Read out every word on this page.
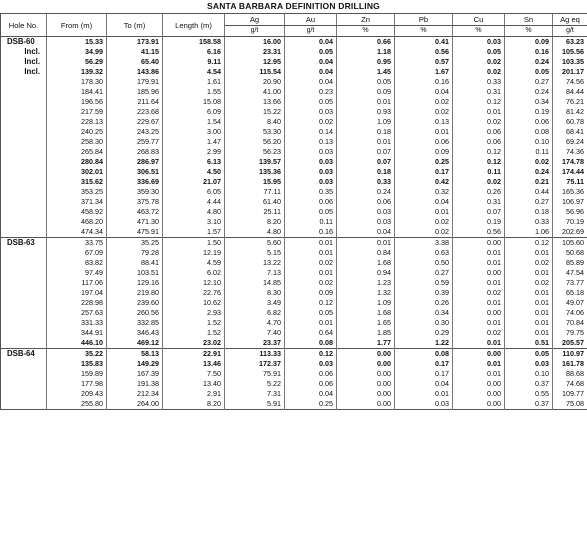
SANTA BARBARA DEFINITION DRILLING
Hole No.	From (m)	To (m)	Length (m)	Ag	Au	Zn	Pb	Cu	Sn	Ag eq
				g/t	g/t	%	%	%	%	g/t
DSB-60	15.33	173.91	158.58	16.00	0.04	0.66	0.41	0.03	0.09	63.23
Incl.	34.99	41.15	6.16	23.31	0.05	1.18	0.56	0.05	0.16	105.56
Incl.	56.29	65.40	9.11	12.95	0.04	0.95	0.57	0.02	0.24	103.35
Incl.	139.32	143.86	4.54	115.54	0.04	1.45	1.67	0.02	0.05	201.17
	178.30	179.91	1.61	20.90	0.04	0.05	0.16	0.33	0.27	74.56
	184.41	185.96	1.55	41.00	0.23	0.09	0.04	0.31	0.24	84.44
	196.56	211.64	15.08	13.66	0.05	0.01	0.02	0.12	0.34	76.21
	217.59	223.68	6.09	15.22	0.03	0.93	0.02	0.01	0.19	81.42
	228.13	229.67	1.54	8.40	0.02	1.09	0.13	0.02	0.06	60.78
	240.25	243.25	3.00	53.30	0.14	0.18	0.01	0.06	0.08	68.41
	258.30	259.77	1.47	56.20	0.13	0.01	0.06	0.06	0.10	69.24
	265.84	268.83	2.99	56.23	0.03	0.07	0.09	0.12	0.11	74.36
	280.84	286.97	6.13	139.57	0.03	0.07	0.25	0.12	0.02	174.78
	302.01	306.51	4.50	135.36	0.03	0.18	0.17	0.11	0.24	174.44
	315.62	336.69	21.07	15.95	0.03	0.33	0.42	0.02	0.21	75.11
	353.25	359.30	6.05	77.11	0.35	0.24	0.32	0.26	0.44	165.36
	371.34	375.78	4.44	61.40	0.06	0.06	0.04	0.31	0.27	106.97
	458.92	463.72	4.80	25.11	0.05	0.03	0.01	0.07	0.18	56.96
	468.20	471.30	3.10	8.20	0.11	0.03	0.02	0.19	0.33	70.19
	474.34	475.91	1.57	4.80	0.16	0.04	0.02	0.56	1.06	202.69
DSB-63	33.75	35.25	1.50	5.60	0.01	0.01	3.38	0.00	0.12	105.60
	67.09	79.28	12.19	5.15	0.01	0.84	0.63	0.01	0.01	50.68
	83.82	88.41	4.59	13.22	0.02	1.68	0.50	0.01	0.02	85.89
	97.49	103.51	6.02	7.13	0.01	0.94	0.27	0.00	0.01	47.54
	117.06	129.16	12.10	14.85	0.02	1.23	0.59	0.01	0.02	73.77
	197.04	219.80	22.76	8.30	0.09	1.32	0.39	0.02	0.01	65.18
	228.98	239.60	10.62	3.49	0.12	1.09	0.26	0.01	0.01	49.07
	257.63	260.56	2.93	6.82	0.05	1.68	0.34	0.00	0.01	74.06
	331.33	332.85	1.52	4.70	0.01	1.65	0.30	0.01	0.01	70.84
	344.91	346.43	1.52	7.40	0.64	1.85	0.29	0.02	0.01	79.75
	446.10	469.12	23.02	23.37	0.08	1.77	1.22	0.01	0.51	205.57
DSB-64	35.22	58.13	22.91	113.33	0.12	0.00	0.08	0.00	0.05	110.97
	135.83	149.29	13.46	172.37	0.03	0.00	0.17	0.01	0.03	161.78
	159.89	167.39	7.50	75.91	0.06	0.00	0.17	0.01	0.10	88.68
	177.98	191.38	13.40	5.22	0.06	0.00	0.04	0.00	0.37	74.68
	209.43	212.34	2.91	7.31	0.04	0.00	0.01	0.00	0.55	109.77
	255.80	264.00	8.20	5.91	0.25	0.00	0.03	0.00	0.37	75.08
